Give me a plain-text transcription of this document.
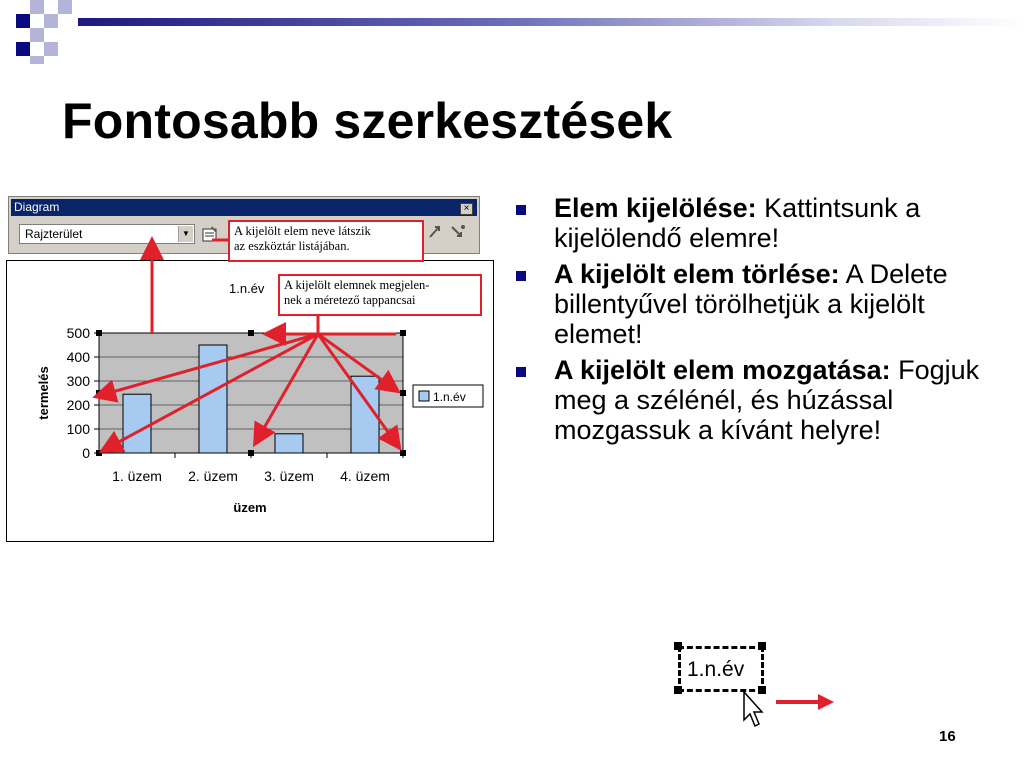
Fontosabb szerkesztések
Diagram	×
Rajzterület	▼
0
100
200
300
400
500
1. üzem 2. üzem 3. üzem 4. üzem
1.n.év
termelés
üzem
1.n.év
A kijelölt elem neve látszik
az eszköztár listájában.
A kijelölt elemnek megjelen-
nek a méretező tappancsai
Elem kijelölése: Kattintsunk a kijelölendő elemre!
A kijelölt elem törlése: A Delete billentyűvel törölhetjük a kijelölt elemet!
A kijelölt elem mozgatása: Fogjuk meg a szélénél, és húzással mozgassuk a kívánt helyre!
1.n.év
16
